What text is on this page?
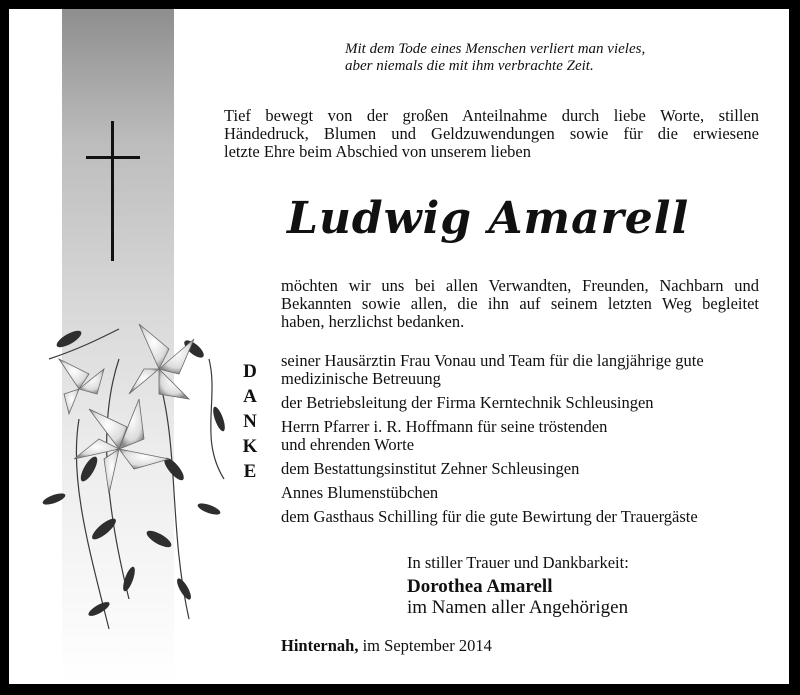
Mit dem Tode eines Menschen verliert man vieles,
aber niemals die mit ihm verbrachte Zeit.
Tief bewegt von der großen Anteilnahme durch liebe Worte, stillen
Händedruck, Blumen und Geldzuwendungen sowie für die erwiesene
letzte Ehre beim Abschied von unserem lieben
Ludwig Amarell
möchten wir uns bei allen Verwandten, Freunden, Nachbarn und
Bekannten sowie allen, die ihn auf seinem letzten Weg begleitet
haben, herzlichst bedanken.
D
A
N
K
E
seiner Hausärztin Frau Vonau und Team für die langjährige gute
medizinische Betreuung
der Betriebsleitung der Firma Kerntechnik Schleusingen
Herrn Pfarrer i. R. Hoffmann für seine tröstenden
und ehrenden Worte
dem Bestattungsinstitut Zehner Schleusingen
Annes Blumenstübchen
dem Gasthaus Schilling für die gute Bewirtung der Trauergäste
In stiller Trauer und Dankbarkeit:
Dorothea Amarell
im Namen aller Angehörigen
Hinternah, im September 2014
